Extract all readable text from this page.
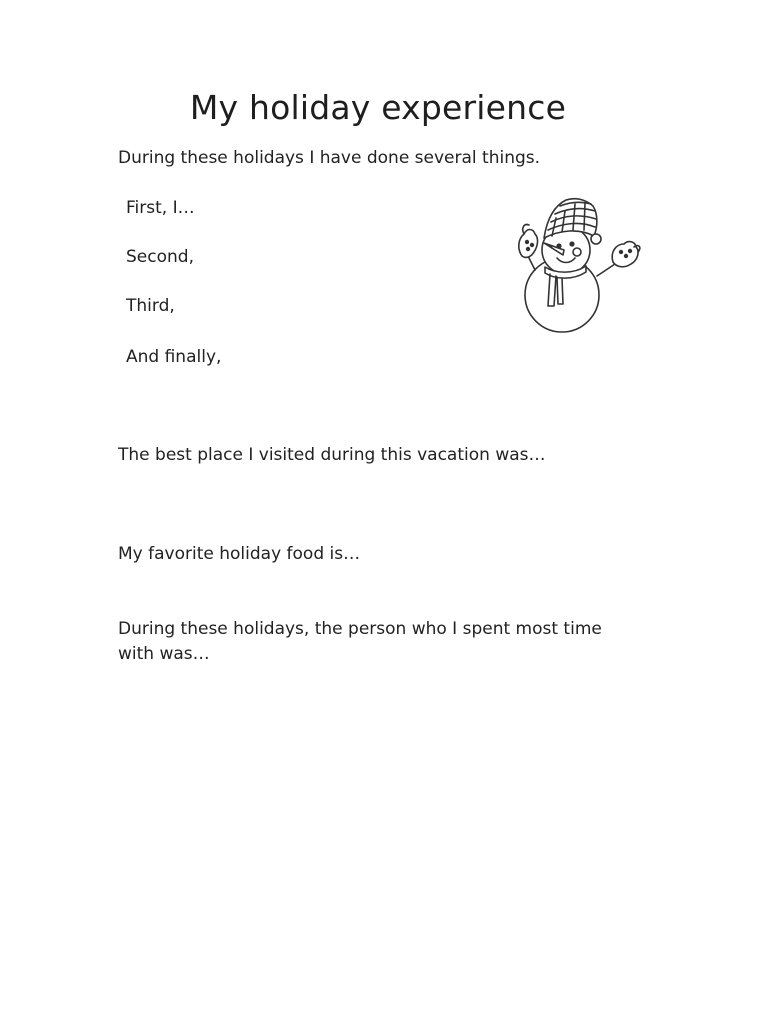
My holiday experience

During these holidays I have done several things.

First, I…

Second,

Third,

And finally,

The best place I visited during this vacation was…

My favorite holiday food is…

During these holidays, the person who I spent most time with was…
